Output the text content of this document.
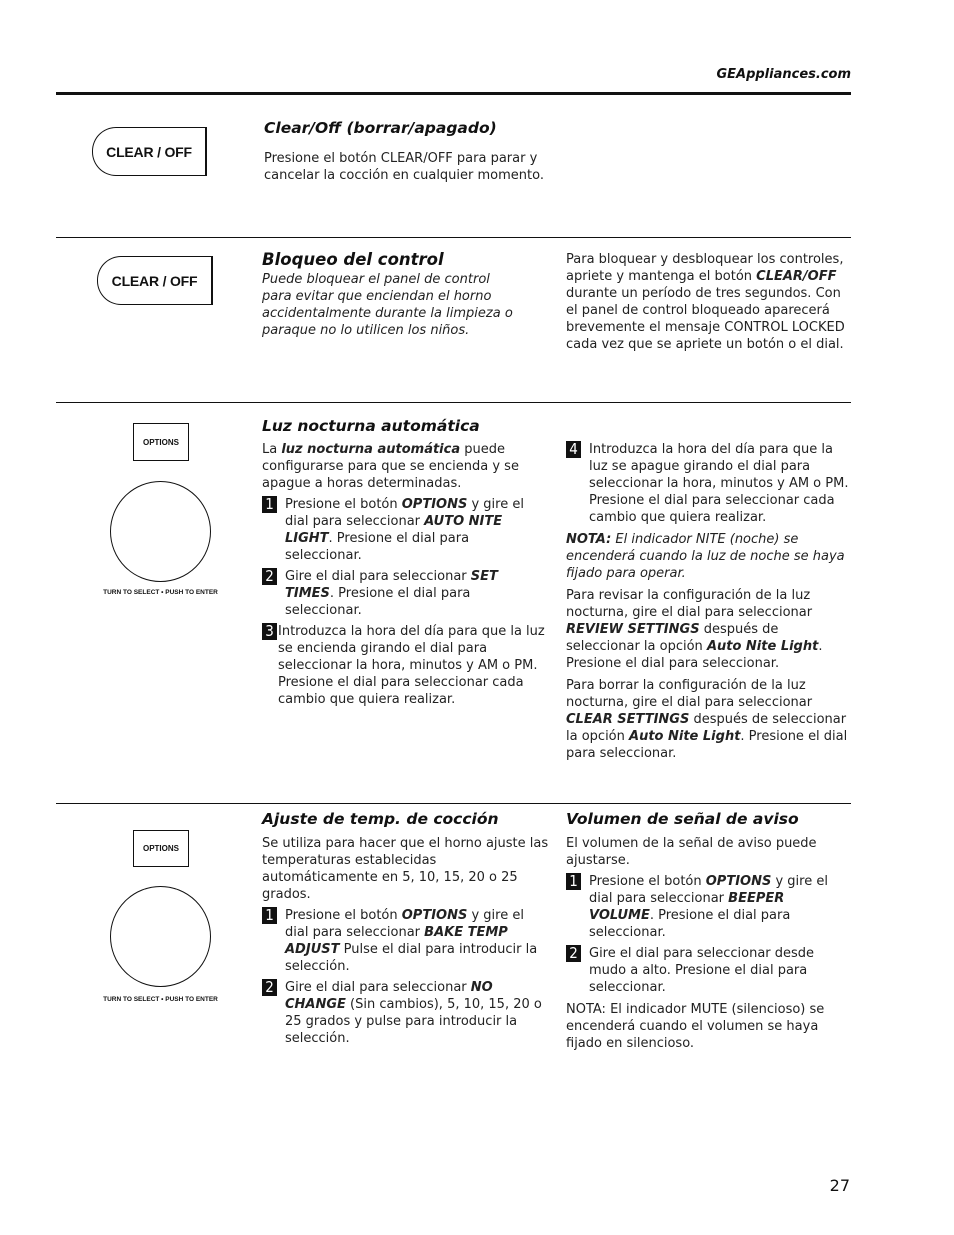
GEAppliances.com
CLEAR / OFF
Clear/Off (borrar/apagado)
Presione el botón CLEAR/OFF para parar y cancelar la cocción en cualquier momento.
CLEAR / OFF
Bloqueo del control
Puede bloquear el panel de control para evitar que enciendan el horno accidentalmente durante la limpieza o paraque no lo utilicen los niños.
Para bloquear y desbloquear los controles, apriete y mantenga el botón CLEAR/OFF durante un período de tres segundos. Con el panel de control bloqueado aparecerá brevemente el mensaje CONTROL LOCKED cada vez que se apriete un botón o el dial.
OPTIONS
TURN TO SELECT • PUSH TO ENTER
Luz nocturna automática
La luz nocturna automática puede configurarse para que se encienda y se apague a horas determinadas.
1 Presione el botón OPTIONS y gire el dial para seleccionar AUTO NITE LIGHT. Presione el dial para seleccionar.
2 Gire el dial para seleccionar SET TIMES. Presione el dial para seleccionar.
3 Introduzca la hora del día para que la luz se encienda girando el dial para seleccionar la hora, minutos y AM o PM. Presione el dial para seleccionar cada cambio que quiera realizar.
4 Introduzca la hora del día para que la luz se apague girando el dial para seleccionar la hora, minutos y AM o PM. Presione el dial para seleccionar cada cambio que quiera realizar.
NOTA: El indicador NITE (noche) se encenderá cuando la luz de noche se haya fijado para operar.
Para revisar la configuración de la luz nocturna, gire el dial para seleccionar REVIEW SETTINGS después de seleccionar la opción Auto Nite Light. Presione el dial para seleccionar.
Para borrar la configuración de la luz nocturna, gire el dial para seleccionar CLEAR SETTINGS después de seleccionar la opción Auto Nite Light. Presione el dial para seleccionar.
OPTIONS
TURN TO SELECT • PUSH TO ENTER
Ajuste de temp. de cocción
Se utiliza para hacer que el horno ajuste las temperaturas establecidas automáticamente en 5, 10, 15, 20 o 25 grados.
1 Presione el botón OPTIONS y gire el dial para seleccionar BAKE TEMP ADJUST Pulse el dial para introducir la selección.
2 Gire el dial para seleccionar NO CHANGE (Sin cambios), 5, 10, 15, 20 o 25 grados y pulse para introducir la selección.
Volumen de señal de aviso
El volumen de la señal de aviso puede ajustarse.
1 Presione el botón OPTIONS y gire el dial para seleccionar BEEPER VOLUME. Presione el dial para seleccionar.
2 Gire el dial para seleccionar desde mudo a alto. Presione el dial para seleccionar.
NOTA: El indicador MUTE (silencioso) se encenderá cuando el volumen se haya fijado en silencioso.
27
